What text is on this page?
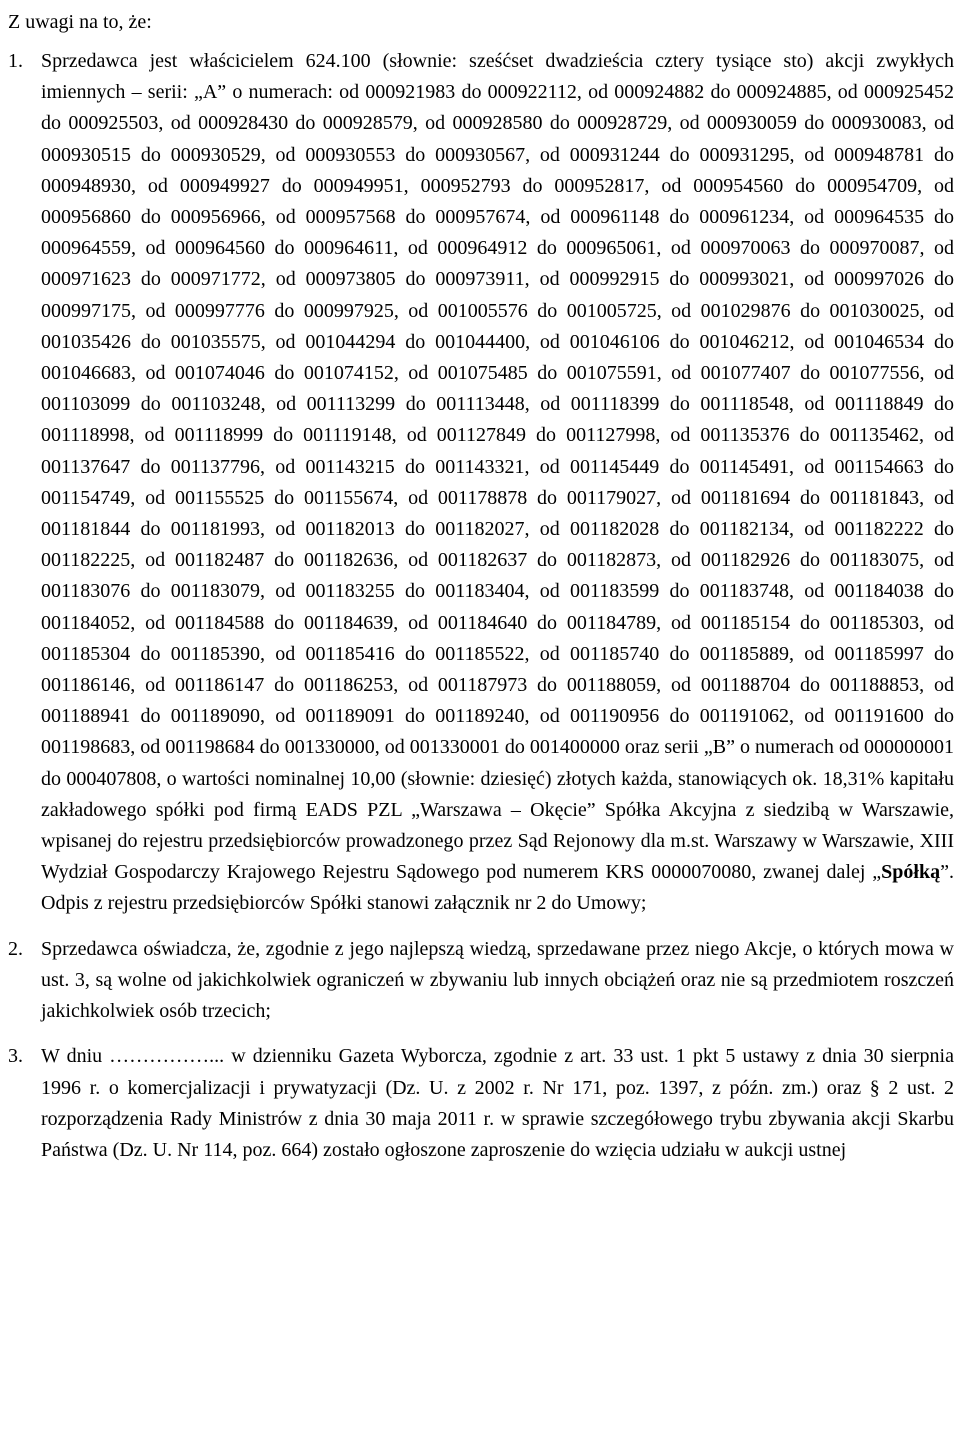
Z uwagi na to, że:
1. Sprzedawca jest właścicielem 624.100 (słownie: sześćset dwadzieścia cztery tysiące sto) akcji zwykłych imiennych – serii: „A” o numerach: od 000921983 do 000922112, od 000924882 do 000924885, od 000925452 do 000925503, od 000928430 do 000928579, od 000928580 do 000928729, od 000930059 do 000930083, od 000930515 do 000930529, od 000930553 do 000930567, od 000931244 do 000931295, od 000948781 do 000948930, od 000949927 do 000949951, 000952793 do 000952817, od 000954560 do 000954709, od 000956860 do 000956966, od 000957568 do 000957674, od 000961148 do 000961234, od 000964535 do 000964559, od 000964560 do 000964611, od 000964912 do 000965061, od 000970063 do 000970087, od 000971623 do 000971772, od 000973805 do 000973911, od 000992915 do 000993021, od 000997026 do 000997175, od 000997776 do 000997925, od 001005576 do 001005725, od 001029876 do 001030025, od 001035426 do 001035575, od 001044294 do 001044400, od 001046106 do 001046212, od 001046534 do 001046683, od 001074046 do 001074152, od 001075485 do 001075591, od 001077407 do 001077556, od 001103099 do 001103248, od 001113299 do 001113448, od 001118399 do 001118548, od 001118849 do 001118998, od 001118999 do 001119148, od 001127849 do 001127998, od 001135376 do 001135462, od 001137647 do 001137796, od 001143215 do 001143321, od 001145449 do 001145491, od 001154663 do 001154749, od 001155525 do 001155674, od 001178878 do 001179027, od 001181694 do 001181843, od 001181844 do 001181993, od 001182013 do 001182027, od 001182028 do 001182134, od 001182222 do 001182225, od 001182487 do 001182636, od 001182637 do 001182873, od 001182926 do 001183075, od 001183076 do 001183079, od 001183255 do 001183404, od 001183599 do 001183748, od 001184038 do 001184052, od 001184588 do 001184639, od 001184640 do 001184789, od 001185154 do 001185303, od 001185304 do 001185390, od 001185416 do 001185522, od 001185740 do 001185889, od 001185997 do 001186146, od 001186147 do 001186253, od 001187973 do 001188059, od 001188704 do 001188853, od 001188941 do 001189090, od 001189091 do 001189240, od 001190956 do 001191062, od 001191600 do 001198683, od 001198684 do 001330000, od 001330001 do 001400000 oraz serii „B” o numerach od 000000001 do 000407808, o wartości nominalnej 10,00 (słownie: dziesięć) złotych każda, stanowiących ok. 18,31% kapitału zakładowego spółki pod firmą EADS PZL „Warszawa – Okęcie” Spółka Akcyjna z siedzibą w Warszawie, wpisanej do rejestru przedsiębiorców prowadzonego przez Sąd Rejonowy dla m.st. Warszawy w Warszawie, XIII Wydział Gospodarczy Krajowego Rejestru Sądowego pod numerem KRS 0000070080, zwanej dalej „Spółką”. Odpis z rejestru przedsiębiorców Spółki stanowi załącznik nr 2 do Umowy;
2. Sprzedawca oświadcza, że, zgodnie z jego najlepszą wiedzą, sprzedawane przez niego Akcje, o których mowa w ust. 3, są wolne od jakichkolwiek ograniczeń w zbywaniu lub innych obciążeń oraz nie są przedmiotem roszczeń jakichkolwiek osób trzecich;
3. W dniu ……………... w dzienniku Gazeta Wyborcza, zgodnie z art. 33 ust. 1 pkt 5 ustawy z dnia 30 sierpnia 1996 r. o komercjalizacji i prywatyzacji (Dz. U. z 2002 r. Nr 171, poz. 1397, z późn. zm.) oraz § 2 ust. 2 rozporządzenia Rady Ministrów z dnia 30 maja 2011 r. w sprawie szczegółowego trybu zbywania akcji Skarbu Państwa (Dz. U. Nr 114, poz. 664) zostało ogłoszone zaproszenie do wzięcia udziału w aukcji ustnej
